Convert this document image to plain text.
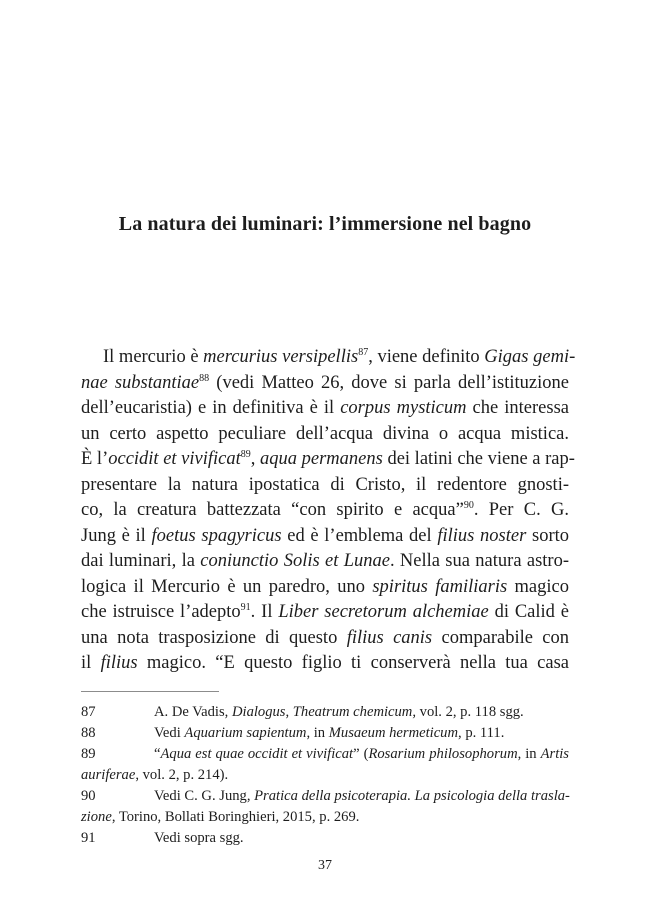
La natura dei luminari: l’immersione nel bagno
Il mercurio è mercurius versipellis$^{87}$, viene definito Gigas gemi-
nae substantiae$^{88}$ (vedi Matteo 26, dove si parla dell’istituzione
dell’eucaristia) e in definitiva è il corpus mysticum che interessa
un certo aspetto peculiare dell’acqua divina o acqua mistica.
È l’occidit et vivificat$^{89}$, aqua permanens dei latini che viene a rap-
presentare la natura ipostatica di Cristo, il redentore gnosti-
co, la creatura battezzata “con spirito e acqua”$^{90}$. Per C. G.
Jung è il foetus spagyricus ed è l’emblema del filius noster sorto
dai luminari, la coniunctio Solis et Lunae. Nella sua natura astro-
logica il Mercurio è un paredro, uno spiritus familiaris magico
che istruisce l’adepto$^{91}$. Il Liber secretorum alchemiae di Calid è
una nota trasposizione di questo filius canis comparabile con
il filius magico. “E questo figlio ti conserverà nella tua casa
87	A. De Vadis, Dialogus, Theatrum chemicum, vol. 2, p. 118 sgg.
88	Vedi Aquarium sapientum, in Musaeum hermeticum, p. 111.
89	“Aqua est quae occidit et vivificat” (Rosarium philosophorum, in Artis
auriferae, vol. 2, p. 214).
90	Vedi C. G. Jung, Pratica della psicoterapia. La psicologia della trasla-
zione, Torino, Bollati Boringhieri, 2015, p. 269.
91	Vedi sopra sgg.
37
